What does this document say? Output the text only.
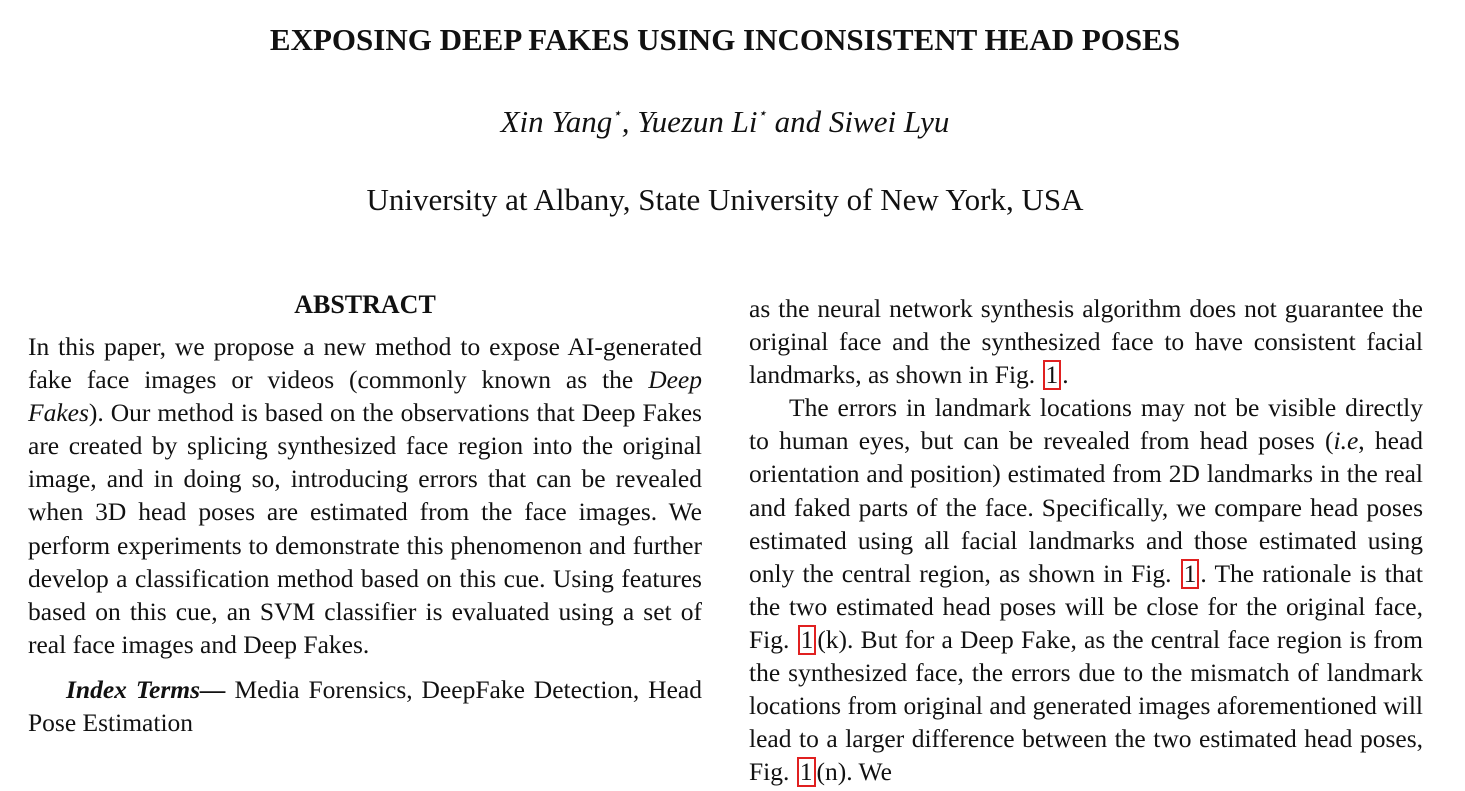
EXPOSING DEEP FAKES USING INCONSISTENT HEAD POSES
Xin Yang⋆, Yuezun Li⋆ and Siwei Lyu
University at Albany, State University of New York, USA
ABSTRACT

In this paper, we propose a new method to expose AI-generated fake face images or videos (commonly known as the Deep Fakes). Our method is based on the observations that Deep Fakes are created by splicing synthesized face region into the original image, and in doing so, introducing errors that can be revealed when 3D head poses are estimated from the face images. We perform experiments to demonstrate this phenomenon and further develop a classification method based on this cue. Using features based on this cue, an SVM classifier is evaluated using a set of real face images and Deep Fakes.

Index Terms— Media Forensics, DeepFake Detection, Head Pose Estimation

as the neural network synthesis algorithm does not guarantee the original face and the synthesized face to have consistent facial landmarks, as shown in Fig. 1 .

The errors in landmark locations may not be visible directly to human eyes, but can be revealed from head poses (i.e, head orientation and position) estimated from 2D landmarks in the real and faked parts of the face. Specifically, we compare head poses estimated using all facial landmarks and those estimated using only the central region, as shown in Fig. 1 . The rationale is that the two estimated head poses will be close for the original face, Fig. 1 (k). But for a Deep Fake, as the central face region is from the synthesized face, the errors due to the mismatch of landmark locations from original and generated images aforementioned will lead to a larger difference between the two estimated head poses, Fig. 1 (n). We
